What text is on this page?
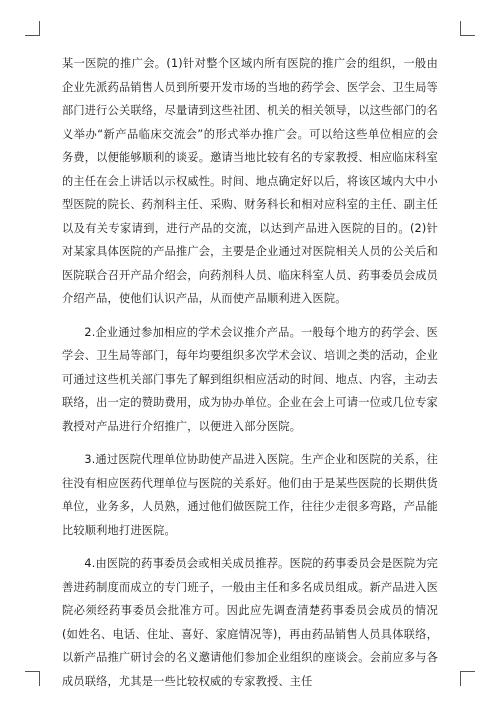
某一医院的推广会。(1)针对整个区域内所有医院的推广会的组织，一般由企业先派药品销售人员到所要开发市场的当地的药学会、医学会、卫生局等部门进行公关联络，尽量请到这些社团、机关的相关领导，以这些部门的名义举办“新产品临床交流会”的形式举办推广会。可以给这些单位相应的会务费，以便能够顺利的谈妥。邀请当地比较有名的专家教授、相应临床科室的主任在会上讲话以示权威性。时间、地点确定好以后，将该区域内大中小型医院的院长、药剂科主任、采购、财务科长和相对应科室的主任、副主任以及有关专家请到，进行产品的交流，以达到产品进入医院的目的。(2)针对某家具体医院的产品推广会，主要是企业通过对医院相关人员的公关后和医院联合召开产品介绍会，向药剂科人员、临床科室人员、药事委员会成员介绍产品，使他们认识产品，从而使产品顺利进入医院。

2.企业通过参加相应的学术会议推介产品。一般每个地方的药学会、医学会、卫生局等部门，每年均要组织多次学术会议、培训之类的活动，企业可通过这些机关部门事先了解到组织相应活动的时间、地点、内容，主动去联络，出一定的赞助费用，成为协办单位。企业在会上可请一位或几位专家教授对产品进行介绍推广，以便进入部分医院。

3.通过医院代理单位协助使产品进入医院。生产企业和医院的关系，往往没有相应医药代理单位与医院的关系好。他们由于是某些医院的长期供货单位，业务多，人员熟，通过他们做医院工作，往往少走很多弯路，产品能比较顺利地打进医院。

4.由医院的药事委员会或相关成员推荐。医院的药事委员会是医院为完善进药制度而成立的专门班子，一般由主任和多名成员组成。新产品进入医院必须经药事委员会批准方可。因此应先调查清楚药事委员会成员的情况(如姓名、电话、住址、喜好、家庭情况等)，再由药品销售人员具体联络，以新产品推广研讨会的名义邀请他们参加企业组织的座谈会。会前应多与各成员联络，尤其是一些比较权威的专家教授、主任
